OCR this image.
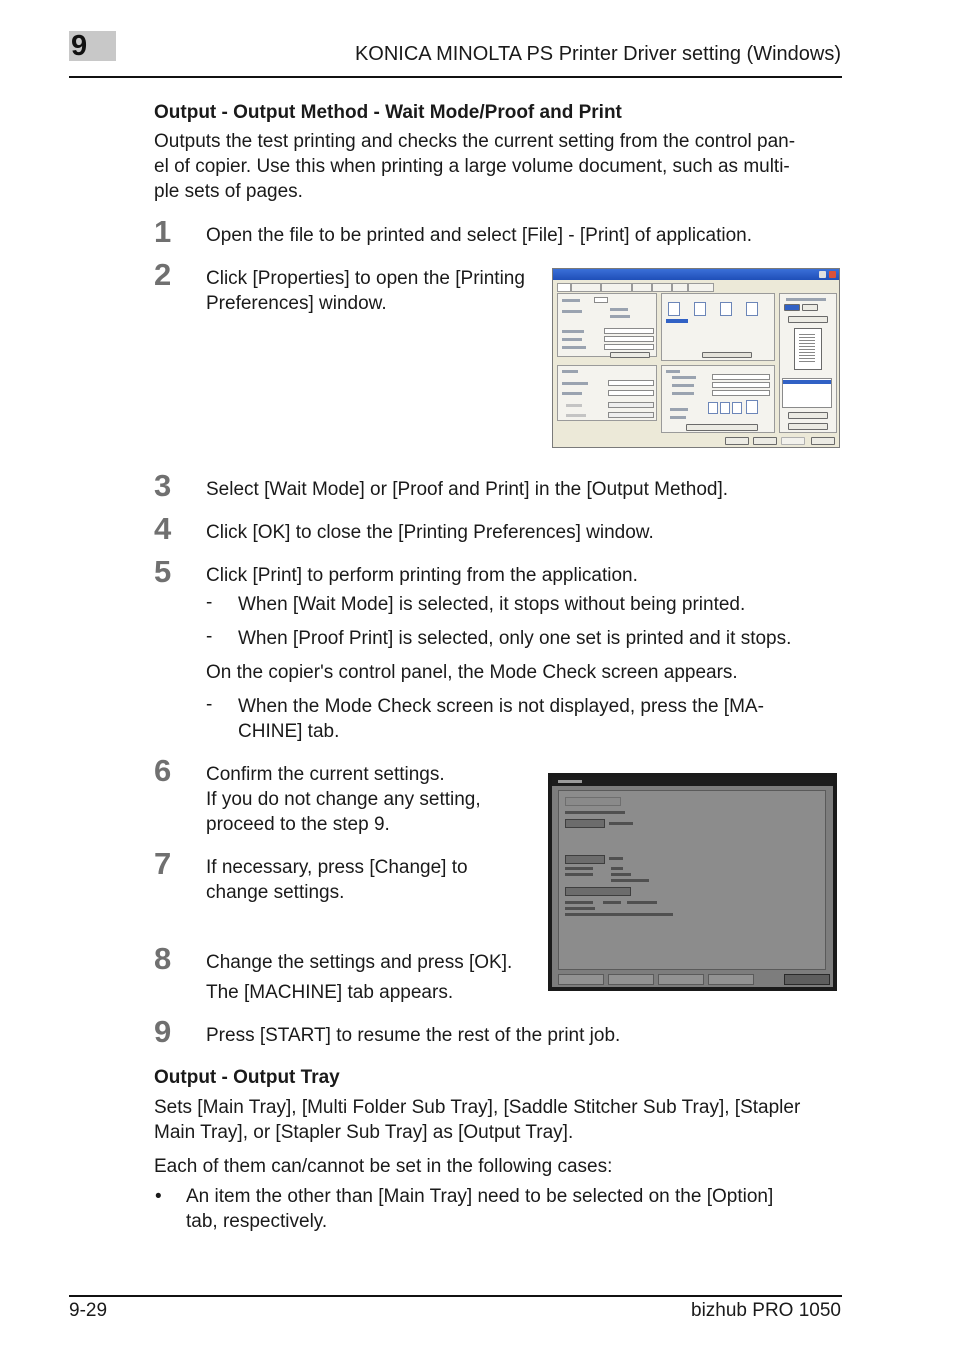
9	KONICA MINOLTA PS Printer Driver setting (Windows)
Output - Output Method - Wait Mode/Proof and Print
Outputs the test printing and checks the current setting from the control pan-
el of copier. Use this when printing a large volume document, such as multi-
ple sets of pages.
1 Open the file to be printed and select [File] - [Print] of application.
2 Click [Properties] to open the [Printing
Preferences] window.
3 Select [Wait Mode] or [Proof and Print] in the [Output Method].
4 Click [OK] to close the [Printing Preferences] window.
5 Click [Print] to perform printing from the application.
- When [Wait Mode] is selected, it stops without being printed.
- When [Proof Print] is selected, only one set is printed and it stops.
On the copier's control panel, the Mode Check screen appears.
- When the Mode Check screen is not displayed, press the [MA-
CHINE] tab.
6 Confirm the current settings.
If you do not change any setting,
proceed to the step 9.
7 If necessary, press [Change] to
change settings.
8 Change the settings and press [OK].
The [MACHINE] tab appears.
9 Press [START] to resume the rest of the print job.
Output - Output Tray
Sets [Main Tray], [Multi Folder Sub Tray], [Saddle Stitcher Sub Tray], [Stapler
Main Tray], or [Stapler Sub Tray] as [Output Tray].
Each of them can/cannot be set in the following cases:
• An item the other than [Main Tray] need to be selected on the [Option]
tab, respectively.
9-29	bizhub PRO 1050
